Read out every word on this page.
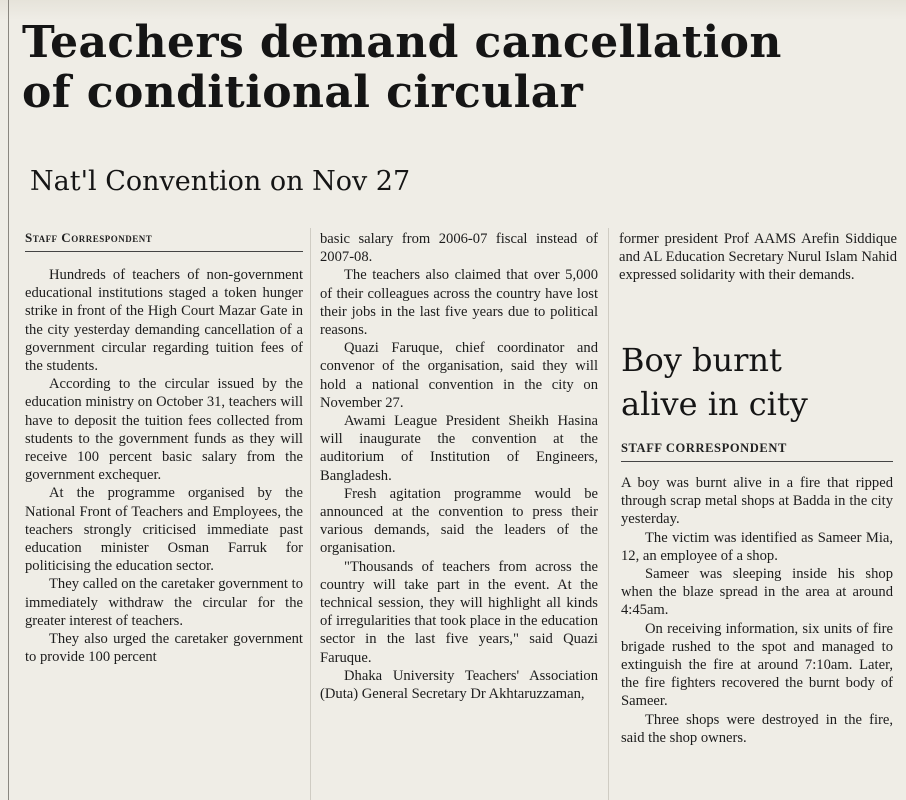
Teachers demand cancellation
of conditional circular
Nat'l Convention on Nov 27
Staff Correspondent

Hundreds of teachers of non-government educational institutions staged a token hunger strike in front of the High Court Mazar Gate in the city yesterday demanding cancellation of a government circular regarding tuition fees of the students.

According to the circular issued by the education ministry on October 31, teachers will have to deposit the tuition fees collected from students to the government funds as they will receive 100 percent basic salary from the government exchequer.

At the programme organised by the National Front of Teachers and Employees, the teachers strongly criticised immediate past education minister Osman Farruk for politicising the education sector.

They called on the caretaker government to immediately withdraw the circular for the greater interest of teachers.

They also urged the caretaker government to provide 100 percent

basic salary from 2006-07 fiscal instead of 2007-08.

The teachers also claimed that over 5,000 of their colleagues across the country have lost their jobs in the last five years due to political reasons.

Quazi Faruque, chief coordinator and convenor of the organisation, said they will hold a national convention in the city on November 27.

Awami League President Sheikh Hasina will inaugurate the convention at the auditorium of Institution of Engineers, Bangladesh.

Fresh agitation programme would be announced at the convention to press their various demands, said the leaders of the organisation.

"Thousands of teachers from across the country will take part in the event. At the technical session, they will highlight all kinds of irregularities that took place in the education sector in the last five years," said Quazi Faruque.

Dhaka University Teachers' Association (Duta) General Secretary Dr Akhtaruzzaman,

former president Prof AAMS Arefin Siddique and AL Education Secretary Nurul Islam Nahid expressed solidarity with their demands.

Boy burnt
alive in city
STAFF CORRESPONDENT

A boy was burnt alive in a fire that ripped through scrap metal shops at Badda in the city yesterday.

The victim was identified as Sameer Mia, 12, an employee of a shop.

Sameer was sleeping inside his shop when the blaze spread in the area at around 4:45am.

On receiving information, six units of fire brigade rushed to the spot and managed to extinguish the fire at around 7:10am. Later, the fire fighters recovered the burnt body of Sameer.

Three shops were destroyed in the fire, said the shop owners.
